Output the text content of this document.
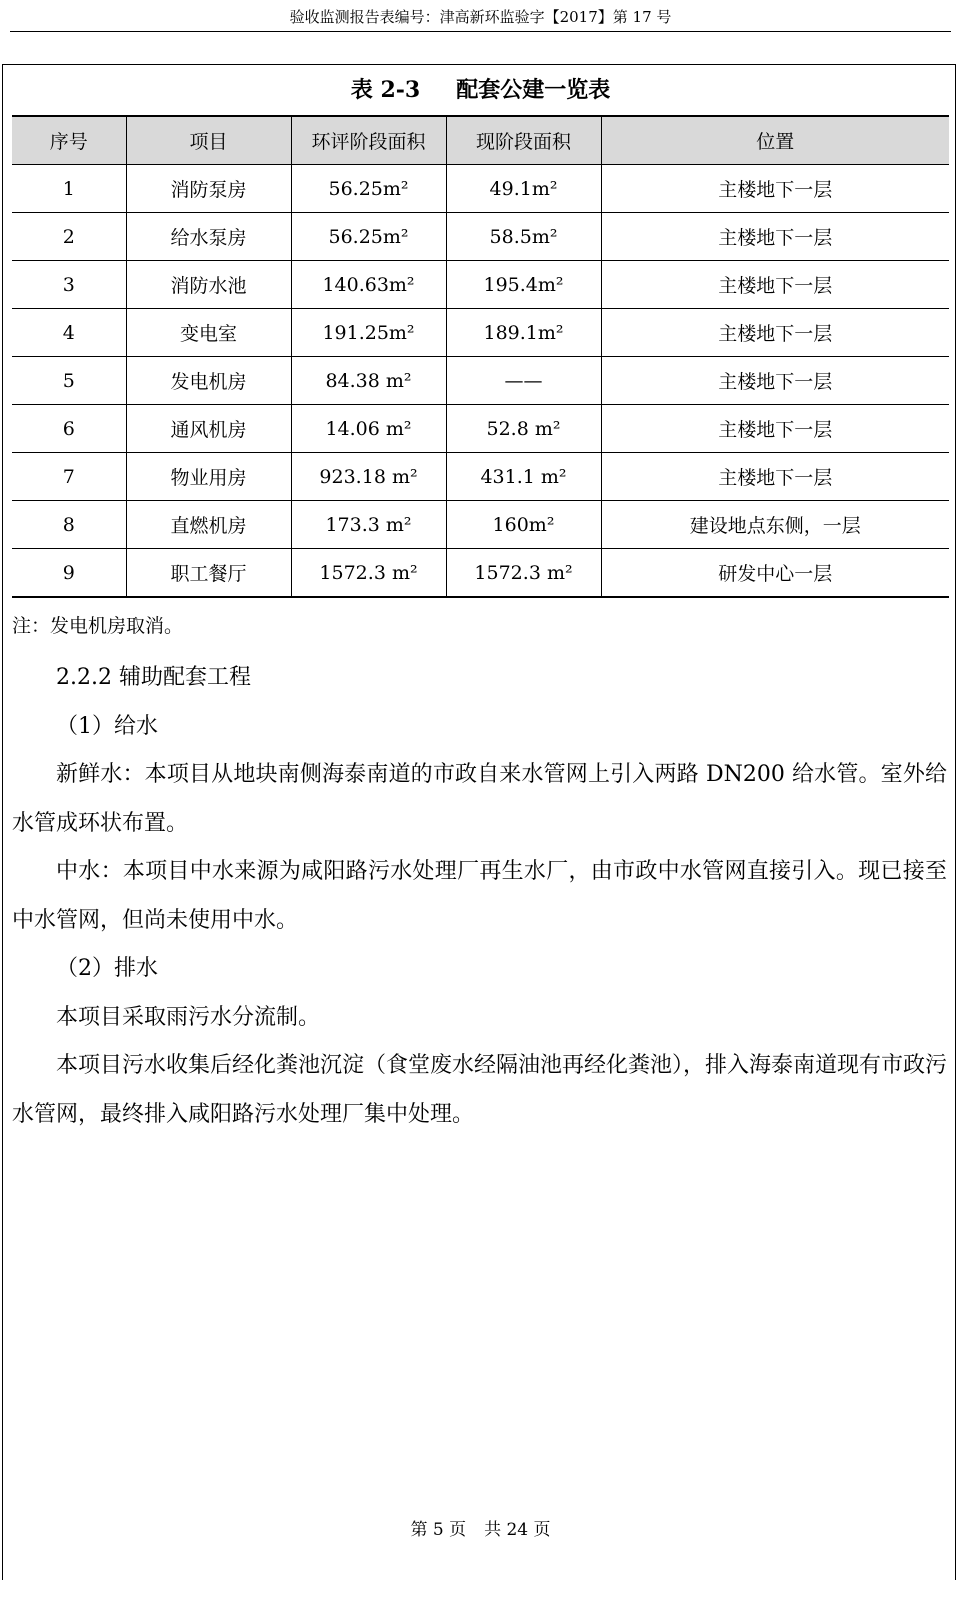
验收监测报告表编号：津高新环监验字【2017】第 17 号
表 2-3 配套公建一览表
序号	项目	环评阶段面积	现阶段面积	位置
1	消防泵房	56.25m²	49.1m²	主楼地下一层
2	给水泵房	56.25m²	58.5m²	主楼地下一层
3	消防水池	140.63m²	195.4m²	主楼地下一层
4	变电室	191.25m²	189.1m²	主楼地下一层
5	发电机房	84.38 m²	——	主楼地下一层
6	通风机房	14.06 m²	52.8 m²	主楼地下一层
7	物业用房	923.18 m²	431.1 m²	主楼地下一层
8	直燃机房	173.3 m²	160m²	建设地点东侧，一层
9	职工餐厅	1572.3 m²	1572.3 m²	研发中心一层
注：发电机房取消。

2.2.2 辅助配套工程

（1）给水

新鲜水：本项目从地块南侧海泰南道的市政自来水管网上引入两路 DN200 给水管。室外给水管成环状布置。

中水：本项目中水来源为咸阳路污水处理厂再生水厂，由市政中水管网直接引入。现已接至中水管网，但尚未使用中水。

（2）排水

本项目采取雨污水分流制。

本项目污水收集后经化粪池沉淀（食堂废水经隔油池再经化粪池），排入海泰南道现有市政污水管网，最终排入咸阳路污水处理厂集中处理。

第 5 页 共 24 页
